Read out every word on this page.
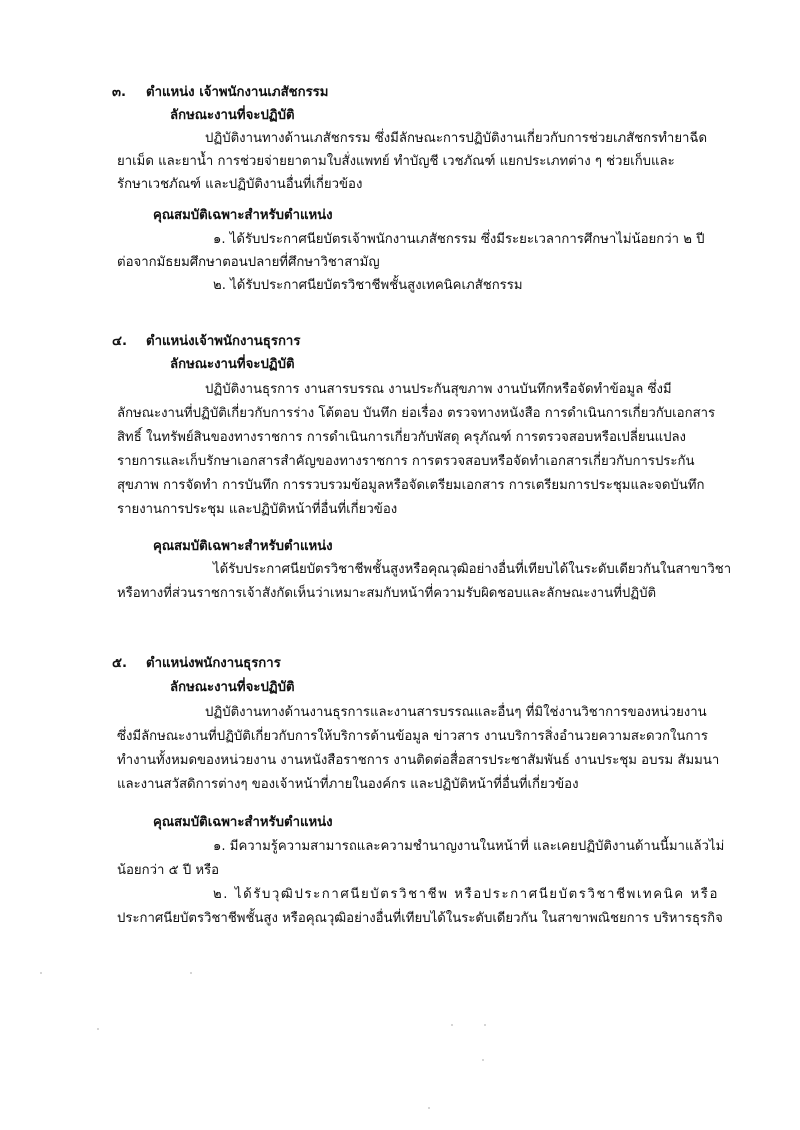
๓. ตำแหน่ง เจ้าพนักงานเภสัชกรรม
ลักษณะงานที่จะปฏิบัติ
ปฏิบัติงานทางด้านเภสัชกรรม ซึ่งมีลักษณะการปฏิบัติงานเกี่ยวกับการช่วยเภสัชกรทำยาฉีด
ยาเม็ด และยาน้ำ การช่วยจ่ายยาตามใบสั่งแพทย์ ทำบัญชี เวชภัณฑ์ แยกประเภทต่าง ๆ ช่วยเก็บและ
รักษาเวชภัณฑ์ และปฏิบัติงานอื่นที่เกี่ยวข้อง
คุณสมบัติเฉพาะสำหรับตำแหน่ง
๑. ได้รับประกาศนียบัตรเจ้าพนักงานเภสัชกรรม ซึ่งมีระยะเวลาการศึกษาไม่น้อยกว่า ๒ ปี
ต่อจากมัธยมศึกษาตอนปลายที่ศึกษาวิชาสามัญ
๒. ได้รับประกาศนียบัตรวิชาชีพชั้นสูงเทคนิคเภสัชกรรม
๔. ตำแหน่งเจ้าพนักงานธุรการ
ลักษณะงานที่จะปฏิบัติ
ปฏิบัติงานธุรการ งานสารบรรณ งานประกันสุขภาพ งานบันทึกหรือจัดทำข้อมูล ซึ่งมี
ลักษณะงานที่ปฏิบัติเกี่ยวกับการร่าง โต้ตอบ บันทึก ย่อเรื่อง ตรวจทางหนังสือ การดำเนินการเกี่ยวกับเอกสาร
สิทธิ์ ในทรัพย์สินของทางราชการ การดำเนินการเกี่ยวกับพัสดุ ครุภัณฑ์ การตรวจสอบหรือเปลี่ยนแปลง
รายการและเก็บรักษาเอกสารสำคัญของทางราชการ การตรวจสอบหรือจัดทำเอกสารเกี่ยวกับการประกัน
สุขภาพ การจัดทำ การบันทึก การรวบรวมข้อมูลหรือจัดเตรียมเอกสาร การเตรียมการประชุมและจดบันทึก
รายงานการประชุม และปฏิบัติหน้าที่อื่นที่เกี่ยวข้อง
คุณสมบัติเฉพาะสำหรับตำแหน่ง
ได้รับประกาศนียบัตรวิชาชีพชั้นสูงหรือคุณวุฒิอย่างอื่นที่เทียบได้ในระดับเดียวกันในสาขาวิชา
หรือทางที่ส่วนราชการเจ้าสังกัดเห็นว่าเหมาะสมกับหน้าที่ความรับผิดชอบและลักษณะงานที่ปฏิบัติ
๕. ตำแหน่งพนักงานธุรการ
ลักษณะงานที่จะปฏิบัติ
ปฏิบัติงานทางด้านงานธุรการและงานสารบรรณและอื่นๆ ที่มิใช่งานวิชาการของหน่วยงาน
ซึ่งมีลักษณะงานที่ปฏิบัติเกี่ยวกับการให้บริการด้านข้อมูล ข่าวสาร งานบริการสิ่งอำนวยความสะดวกในการ
ทำงานทั้งหมดของหน่วยงาน งานหนังสือราชการ งานติดต่อสื่อสารประชาสัมพันธ์ งานประชุม อบรม สัมมนา
และงานสวัสดิการต่างๆ ของเจ้าหน้าที่ภายในองค์กร และปฏิบัติหน้าที่อื่นที่เกี่ยวข้อง
คุณสมบัติเฉพาะสำหรับตำแหน่ง
๑. มีความรู้ความสามารถและความชำนาญงานในหน้าที่ และเคยปฏิบัติงานด้านนี้มาแล้วไม่
น้อยกว่า ๕ ปี หรือ
๒. ได้รับวุฒิประกาศนียบัตรวิชาชีพ หรือประกาศนียบัตรวิชาชีพเทคนิค หรือ
ประกาศนียบัตรวิชาชีพชั้นสูง หรือคุณวุฒิอย่างอื่นที่เทียบได้ในระดับเดียวกัน ในสาขาพณิชยการ บริหารธุรกิจ
